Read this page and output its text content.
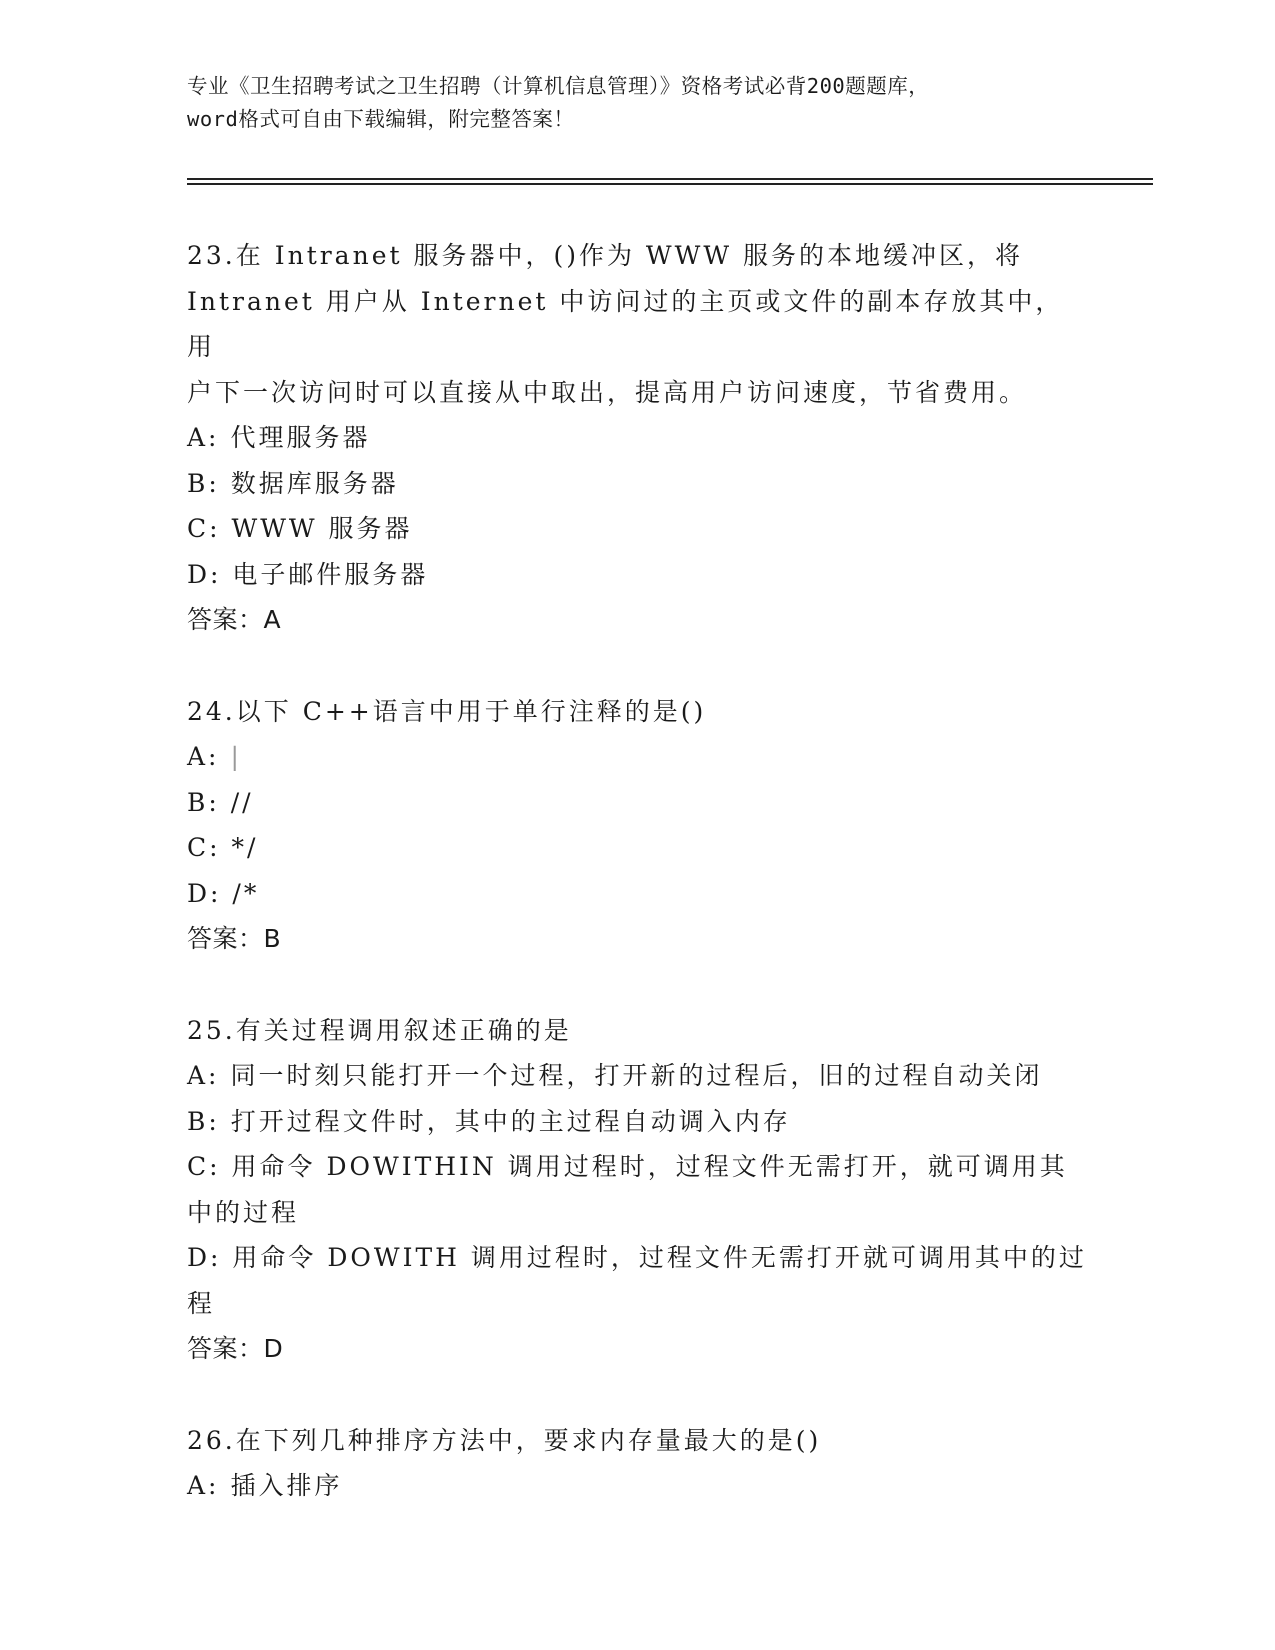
专业《卫生招聘考试之卫生招聘（计算机信息管理）》资格考试必背200题题库，
word格式可自由下载编辑，附完整答案！

23.在 Intranet 服务器中，()作为 WWW 服务的本地缓冲区，将

Intranet 用户从 Internet 中访问过的主页或文件的副本存放其中，用

户下一次访问时可以直接从中取出，提高用户访问速度，节省费用。

A: 代理服务器

B: 数据库服务器

C: WWW 服务器

D: 电子邮件服务器

答案：A

24.以下 C++语言中用于单行注释的是()

A: |

B: //

C: */

D: /*

答案：B

25.有关过程调用叙述正确的是

A: 同一时刻只能打开一个过程，打开新的过程后，旧的过程自动关闭

B: 打开过程文件时，其中的主过程自动调入内存

C: 用命令 DOWITHIN 调用过程时，过程文件无需打开，就可调用其中的过程

D: 用命令 DOWITH 调用过程时，过程文件无需打开就可调用其中的过程

答案：D

26.在下列几种排序方法中，要求内存量最大的是()

A: 插入排序
